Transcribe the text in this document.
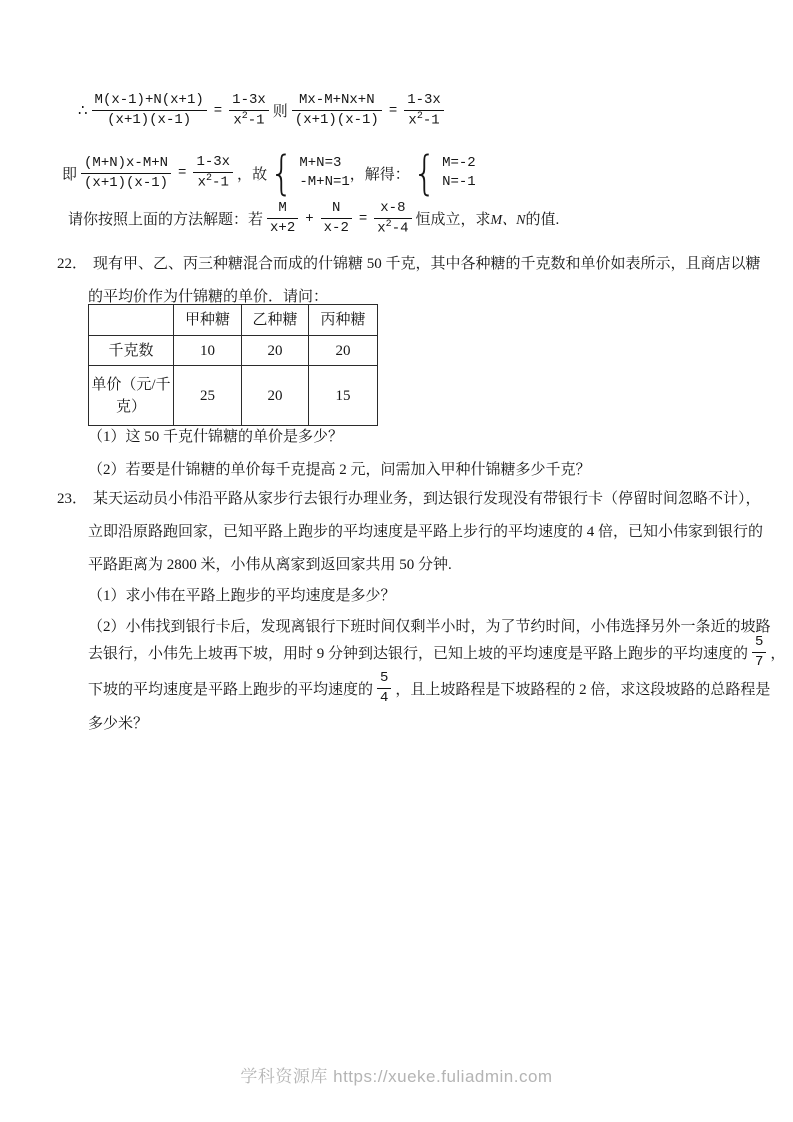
∴ $\frac{M(x-1)+N(x+1)}{(x+1)(x-1)} = \frac{1-3x}{x^2-1}$ 则 $\frac{Mx-M+Nx+N}{(x+1)(x-1)} = \frac{1-3x}{x^2-1}$
即 $\frac{(M+N)x-M+N}{(x+1)(x-1)} = \frac{1-3x}{x^2-1}$ ， 故 { M+N=3
-M+N=1 ， 解得： { M=-2
N=-1
请你按照上面的方法解题：若 $\frac{M}{x+2} + \frac{N}{x-2} = \frac{x-8}{x^2-4}$ 恒成立，求 M、N 的值.
22． 现有甲、乙、丙三种糖混合而成的什锦糖 50 千克，其中各种糖的千克数和单价如表所示，且商店以糖
的平均价作为什锦糖的单价．请问：
	甲种糖	乙种糖	丙种糖
千克数	10	20	20
单价（元/千克）	25	20	15
（1）这 50 千克什锦糖的单价是多少？
（2）若要是什锦糖的单价每千克提高 2 元，问需加入甲种什锦糖多少千克？
23． 某天运动员小伟沿平路从家步行去银行办理业务，到达银行发现没有带银行卡（停留时间忽略不计），
立即沿原路跑回家，已知平路上跑步的平均速度是平路上步行的平均速度的 4 倍，已知小伟家到银行的
平路距离为 2800 米，小伟从离家到返回家共用 50 分钟.
（1）求小伟在平路上跑步的平均速度是多少？
（2）小伟找到银行卡后，发现离银行下班时间仅剩半小时，为了节约时间，小伟选择另外一条近的坡路
去银行，小伟先上坡再下坡，用时 9 分钟到达银行，已知上坡的平均速度是平路上跑步的平均速度的 $\frac{5}{7}$ ，
下坡的平均速度是平路上跑步的平均速度的 $\frac{5}{4}$ ，且上坡路程是下坡路程的 2 倍，求这段坡路的总路程是
多少米？
学科资源库 https://xueke.fuliadmin.com
